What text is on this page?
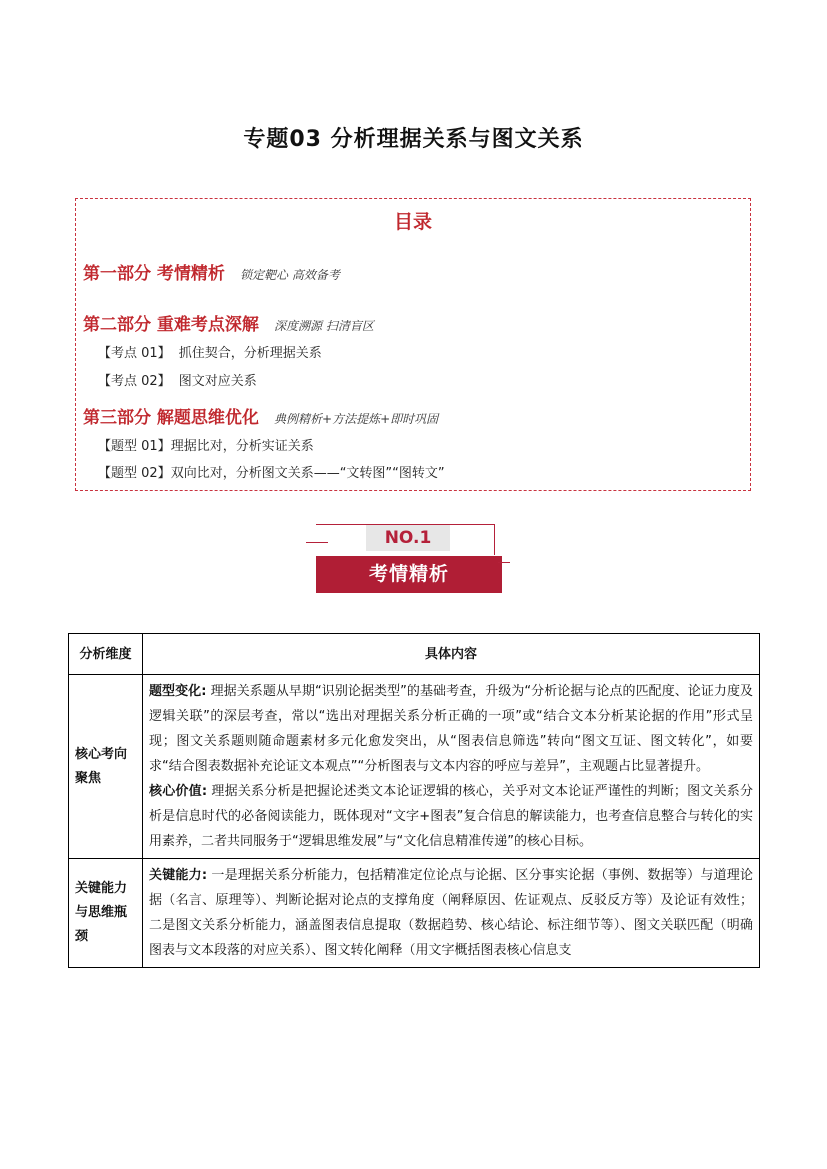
专题03 分析理据关系与图文关系
目录
第一部分 考情精析 锁定靶心 高效备考
第二部分 重难考点深解 深度溯源 扫清盲区
【考点 01】 抓住契合，分析理据关系
【考点 02】 图文对应关系
第三部分 解题思维优化 典例精析+方法提炼+即时巩固
【题型 01】理据比对，分析实证关系
【题型 02】双向比对，分析图文关系——“文转图”“图转文”
NO.1
考情精析
分析维度	具体内容
核心考向聚焦	题型变化: 理据关系题从早期“识别论据类型”的基础考查，升级为“分析论据与论点的匹配度、论证力度及逻辑关联”的深层考查，常以“选出对理据关系分析正确的一项”或“结合文本分析某论据的作用”形式呈现；图文关系题则随命题素材多元化愈发突出，从“图表信息筛选”转向“图文互证、图文转化”，如要求“结合图表数据补充论证文本观点”“分析图表与文本内容的呼应与差异”，主观题占比显著提升。
核心价值: 理据关系分析是把握论述类文本论证逻辑的核心，关乎对文本论证严谨性的判断；图文关系分析是信息时代的必备阅读能力，既体现对“文字+图表”复合信息的解读能力，也考查信息整合与转化的实用素养，二者共同服务于“逻辑思维发展”与“文化信息精准传递”的核心目标。

关键能力与思维瓶颈	关键能力: 一是理据关系分析能力，包括精准定位论点与论据、区分事实论据（事例、数据等）与道理论据（名言、原理等）、判断论据对论点的支撑角度（阐释原因、佐证观点、反驳反方等）及论证有效性；二是图文关系分析能力，涵盖图表信息提取（数据趋势、核心结论、标注细节等）、图文关联匹配（明确图表与文本段落的对应关系）、图文转化阐释（用文字概括图表核心信息支
